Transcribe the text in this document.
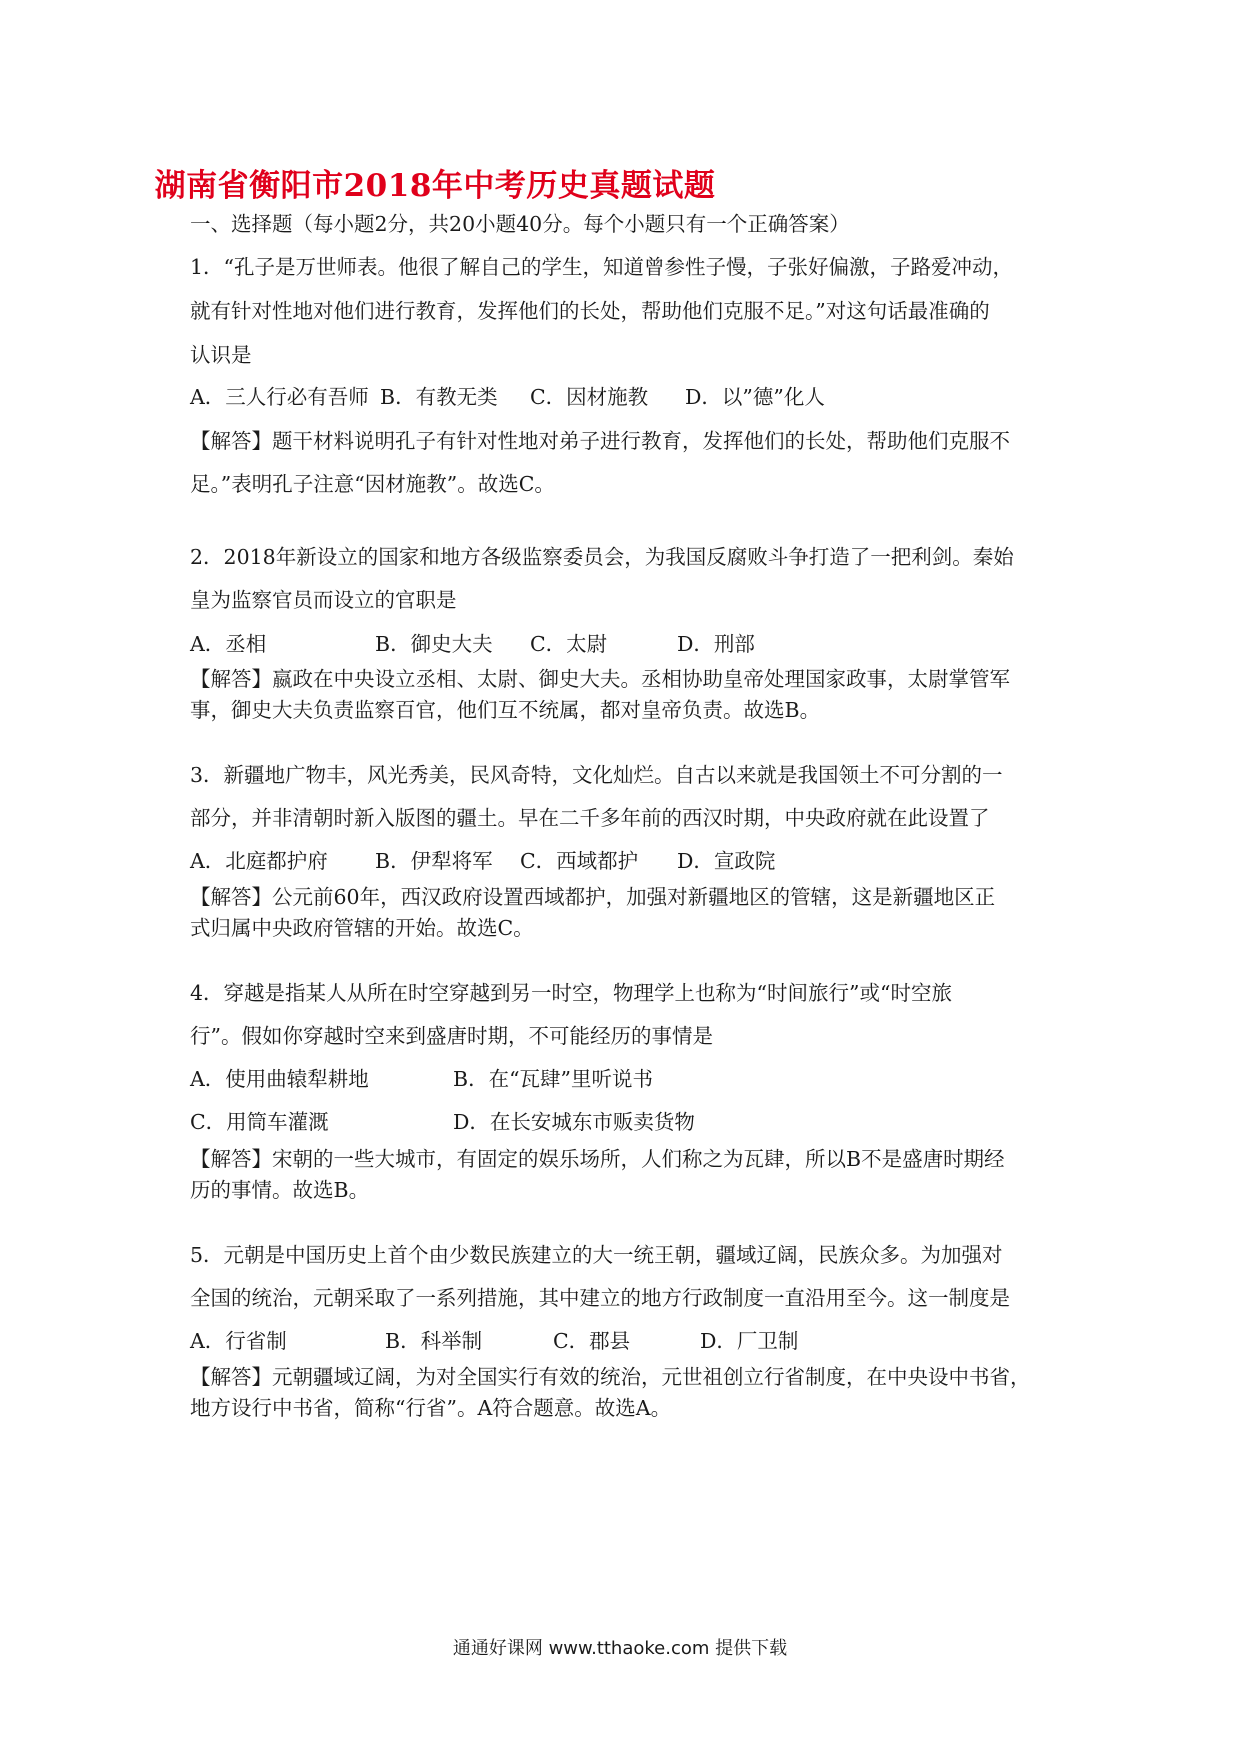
湖南省衡阳市2018年中考历史真题试题
一、选择题（每小题2分，共20小题40分。每个小题只有一个正确答案）
1．“孔子是万世师表。他很了解自己的学生，知道曾参性子慢，子张好偏激，子路爱冲动，
就有针对性地对他们进行教育，发挥他们的长处，帮助他们克服不足。”对这句话最准确的
认识是
A．三人行必有吾师 B．有教无类 C．因材施教 D．以”德”化人
【解答】题干材料说明孔子有针对性地对弟子进行教育，发挥他们的长处，帮助他们克服不
足。”表明孔子注意“因材施教”。故选C。
2．2018年新设立的国家和地方各级监察委员会，为我国反腐败斗争打造了一把利剑。秦始
皇为监察官员而设立的官职是
A．丞相	B．御史大夫 C．太尉	D．刑部
【解答】嬴政在中央设立丞相、太尉、御史大夫。丞相协助皇帝处理国家政事，太尉掌管军
事，御史大夫负责监察百官，他们互不统属，都对皇帝负责。故选B。
3．新疆地广物丰，风光秀美，民风奇特，文化灿烂。自古以来就是我国领土不可分割的一
部分，并非清朝时新入版图的疆土。早在二千多年前的西汉时期，中央政府就在此设置了
A．北庭都护府 B．伊犁将军 C．西域都护 D．宣政院
【解答】公元前60年，西汉政府设置西域都护，加强对新疆地区的管辖，这是新疆地区正
式归属中央政府管辖的开始。故选C。
4．穿越是指某人从所在时空穿越到另一时空，物理学上也称为“时间旅行”或“时空旅
行”。假如你穿越时空来到盛唐时期，不可能经历的事情是
A．使用曲辕犁耕地	B．在“瓦肆”里听说书
C．用筒车灌溉	D．在长安城东市贩卖货物
【解答】宋朝的一些大城市，有固定的娱乐场所，人们称之为瓦肆，所以B不是盛唐时期经
历的事情。故选B。
5．元朝是中国历史上首个由少数民族建立的大一统王朝，疆域辽阔，民族众多。为加强对
全国的统治，元朝采取了一系列措施，其中建立的地方行政制度一直沿用至今。这一制度是
A．行省制	B．科举制	C．郡县	D．厂卫制
【解答】元朝疆域辽阔，为对全国实行有效的统治，元世祖创立行省制度，在中央设中书省，
地方设行中书省，简称“行省”。A符合题意。故选A。
通通好课网 www.tthaoke.com 提供下载
